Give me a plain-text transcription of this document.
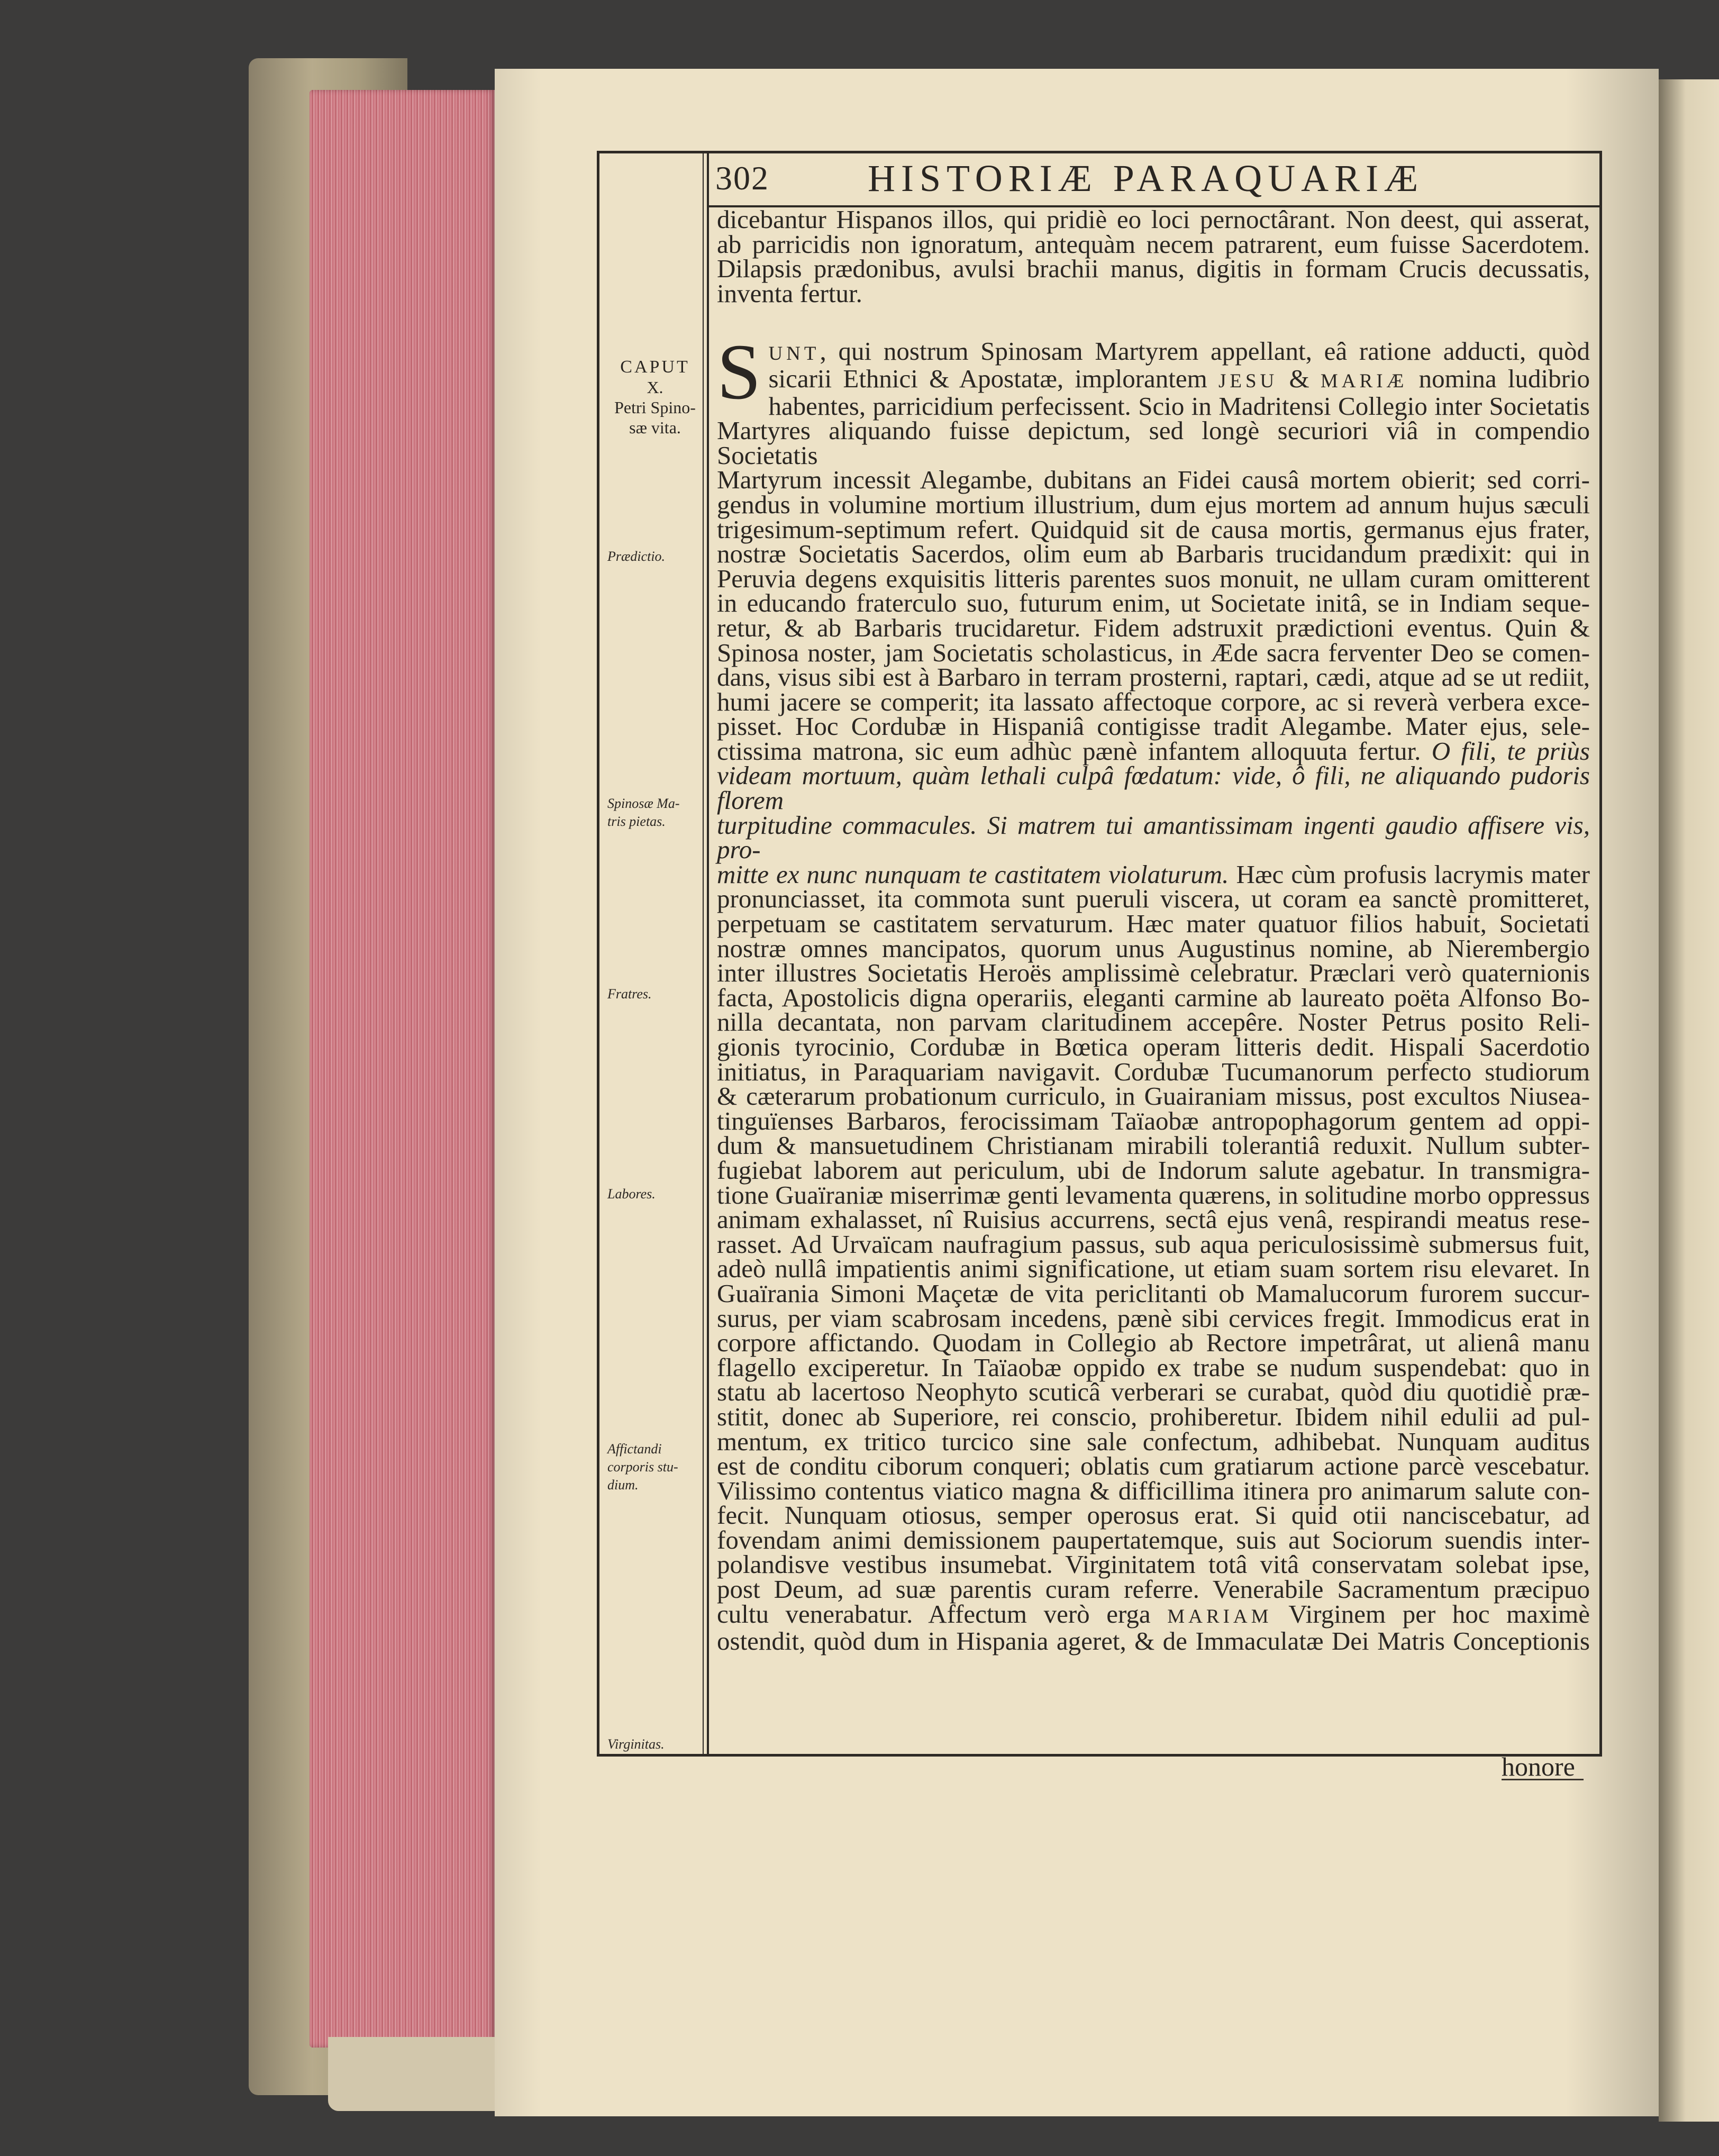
302	HISTORIÆ PARAQUARIÆ
CAPUT
X.
Petri Spino-
sæ vita.
Prædictio.
Spinosæ Ma-
tris pietas.
Fratres.
Labores.
Affictandi
corporis stu-
dium.
Virginitas.

dicebantur Hispanos illos, qui pridiè eo loci pernoctârant. Non deest, qui asserat,

ab parricidis non ignoratum, antequàm necem patrarent, eum fuisse Sacerdotem.

Dilapsis prædonibus, avulsi brachii manus, digitis in formam Crucis decussatis,

inventa fertur.

S UNT, qui nostrum Spinosam Martyrem appellant, eâ ratione adducti, quòd

sicarii Ethnici & Apostatæ, implorantem JESU & MARIÆ nomina ludibrio

habentes, parricidium perfecissent. Scio in Madritensi Collegio inter Societatis

Martyres aliquando fuisse depictum, sed longè securiori viâ in compendio Societatis

Martyrum incessit Alegambe, dubitans an Fidei causâ mortem obierit; sed corri-

gendus in volumine mortium illustrium, dum ejus mortem ad annum hujus sæculi

trigesimum-septimum refert. Quidquid sit de causa mortis, germanus ejus frater,

nostræ Societatis Sacerdos, olim eum ab Barbaris trucidandum prædixit: qui in

Peruvia degens exquisitis litteris parentes suos monuit, ne ullam curam omitterent

in educando fraterculo suo, futurum enim, ut Societate initâ, se in Indiam seque-

retur, & ab Barbaris trucidaretur. Fidem adstruxit prædictioni eventus. Quin &

Spinosa noster, jam Societatis scholasticus, in Æde sacra ferventer Deo se comen-

dans, visus sibi est à Barbaro in terram prosterni, raptari, cædi, atque ad se ut rediit,

humi jacere se comperit; ita lassato affectoque corpore, ac si reverà verbera exce-

pisset. Hoc Cordubæ in Hispaniâ contigisse tradit Alegambe. Mater ejus, sele-

ctissima matrona, sic eum adhùc pænè infantem alloquuta fertur. O fili, te priùs

videam mortuum, quàm lethali culpâ fœdatum: vide, ô fili, ne aliquando pudoris florem

turpitudine commacules. Si matrem tui amantissimam ingenti gaudio affisere vis, pro-

mitte ex nunc nunquam te castitatem violaturum. Hæc cùm profusis lacrymis mater

pronunciasset, ita commota sunt pueruli viscera, ut coram ea sanctè promitteret,

perpetuam se castitatem servaturum. Hæc mater quatuor filios habuit, Societati

nostræ omnes mancipatos, quorum unus Augustinus nomine, ab Nierembergio

inter illustres Societatis Heroës amplissimè celebratur. Præclari verò quaternionis

facta, Apostolicis digna operariis, eleganti carmine ab laureato poëta Alfonso Bo-

nilla decantata, non parvam claritudinem accepêre. Noster Petrus posito Reli-

gionis tyrocinio, Cordubæ in Bœtica operam litteris dedit. Hispali Sacerdotio

initiatus, in Paraquariam navigavit. Cordubæ Tucumanorum perfecto studiorum

& cæterarum probationum curriculo, in Guairaniam missus, post excultos Niusea-

tinguïenses Barbaros, ferocissimam Taïaobæ antropophagorum gentem ad oppi-

dum & mansuetudinem Christianam mirabili tolerantiâ reduxit. Nullum subter-

fugiebat laborem aut periculum, ubi de Indorum salute agebatur. In transmigra-

tione Guaïraniæ miserrimæ genti levamenta quærens, in solitudine morbo oppressus

animam exhalasset, nî Ruisius accurrens, sectâ ejus venâ, respirandi meatus rese-

rasset. Ad Urvaïcam naufragium passus, sub aqua periculosissimè submersus fuit,

adeò nullâ impatientis animi significatione, ut etiam suam sortem risu elevaret. In

Guaïrania Simoni Maçetæ de vita periclitanti ob Mamalucorum furorem succur-

surus, per viam scabrosam incedens, pænè sibi cervices fregit. Immodicus erat in

corpore affictando. Quodam in Collegio ab Rectore impetrârat, ut alienâ manu

flagello exciperetur. In Taïaobæ oppido ex trabe se nudum suspendebat: quo in

statu ab lacertoso Neophyto scuticâ verberari se curabat, quòd diu quotidiè præ-

stitit, donec ab Superiore, rei conscio, prohiberetur. Ibidem nihil edulii ad pul-

mentum, ex tritico turcico sine sale confectum, adhibebat. Nunquam auditus

est de conditu ciborum conqueri; oblatis cum gratiarum actione parcè vescebatur.

Vilissimo contentus viatico magna & difficillima itinera pro animarum salute con-

fecit. Nunquam otiosus, semper operosus erat. Si quid otii nanciscebatur, ad

fovendam animi demissionem paupertatemque, suis aut Sociorum suendis inter-

polandisve vestibus insumebat. Virginitatem totâ vitâ conservatam solebat ipse,

post Deum, ad suæ parentis curam referre. Venerabile Sacramentum præcipuo

cultu venerabatur. Affectum verò erga MARIAM Virginem per hoc maximè

ostendit, quòd dum in Hispania ageret, & de Immaculatæ Dei Matris Conceptionis

honore
